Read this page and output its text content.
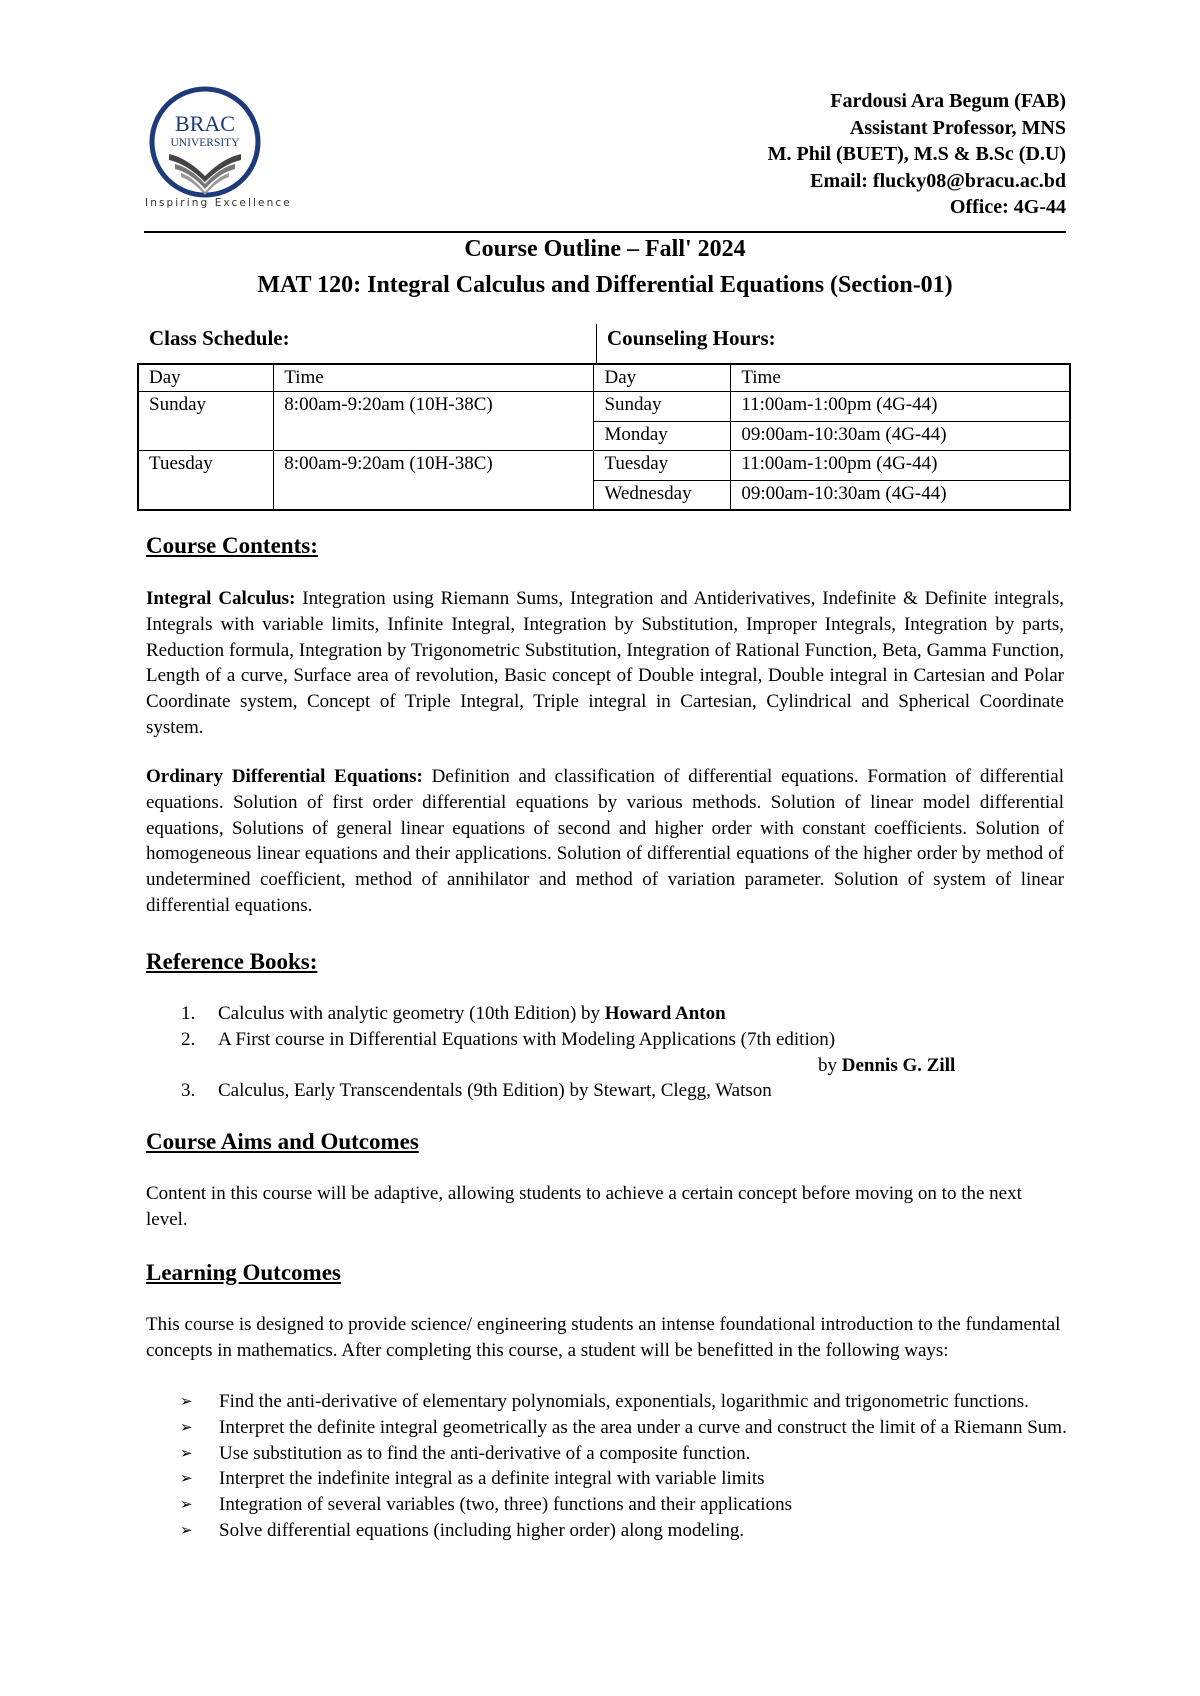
BRAC
UNIVERSITY
Inspiring Excellence
Fardousi Ara Begum (FAB)
Assistant Professor, MNS
M. Phil (BUET), M.S & B.Sc (D.U)
Email: flucky08@bracu.ac.bd
Office: 4G-44
Course Outline – Fall' 2024
MAT 120: Integral Calculus and Differential Equations (Section-01)
Class Schedule:	Counseling Hours:
Day	Time	Day	Time
Sunday	8:00am-9:20am (10H-38C)	Sunday	11:00am-1:00pm (4G-44)
		Monday	09:00am-10:30am (4G-44)
Tuesday	8:00am-9:20am (10H-38C)	Tuesday	11:00am-1:00pm (4G-44)
		Wednesday	09:00am-10:30am (4G-44)
Course Contents:
Integral Calculus: Integration using Riemann Sums, Integration and Antiderivatives, Indefinite & Definite integrals, Integrals with variable limits, Infinite Integral, Integration by Substitution, Improper Integrals, Integration by parts, Reduction formula, Integration by Trigonometric Substitution, Integration of Rational Function, Beta, Gamma Function, Length of a curve, Surface area of revolution, Basic concept of Double integral, Double integral in Cartesian and Polar Coordinate system, Concept of Triple Integral, Triple integral in Cartesian, Cylindrical and Spherical Coordinate system.
Ordinary Differential Equations: Definition and classification of differential equations. Formation of differential equations. Solution of first order differential equations by various methods. Solution of linear model differential equations, Solutions of general linear equations of second and higher order with constant coefficients. Solution of homogeneous linear equations and their applications. Solution of differential equations of the higher order by method of undetermined coefficient, method of annihilator and method of variation parameter. Solution of system of linear differential equations.
Reference Books:
1. Calculus with analytic geometry (10th Edition) by Howard Anton
2. A First course in Differential Equations with Modeling Applications (7th edition)
by Dennis G. Zill
3. Calculus, Early Transcendentals (9th Edition) by Stewart, Clegg, Watson
Course Aims and Outcomes
Content in this course will be adaptive, allowing students to achieve a certain concept before moving on to the next level.
Learning Outcomes
This course is designed to provide science/ engineering students an intense foundational introduction to the fundamental concepts in mathematics. After completing this course, a student will be benefitted in the following ways:
➢ Find the anti-derivative of elementary polynomials, exponentials, logarithmic and trigonometric functions.
➢ Interpret the definite integral geometrically as the area under a curve and construct the limit of a Riemann Sum.
➢ Use substitution as to find the anti-derivative of a composite function.
➢ Interpret the indefinite integral as a definite integral with variable limits
➢ Integration of several variables (two, three) functions and their applications
➢ Solve differential equations (including higher order) along modeling.
